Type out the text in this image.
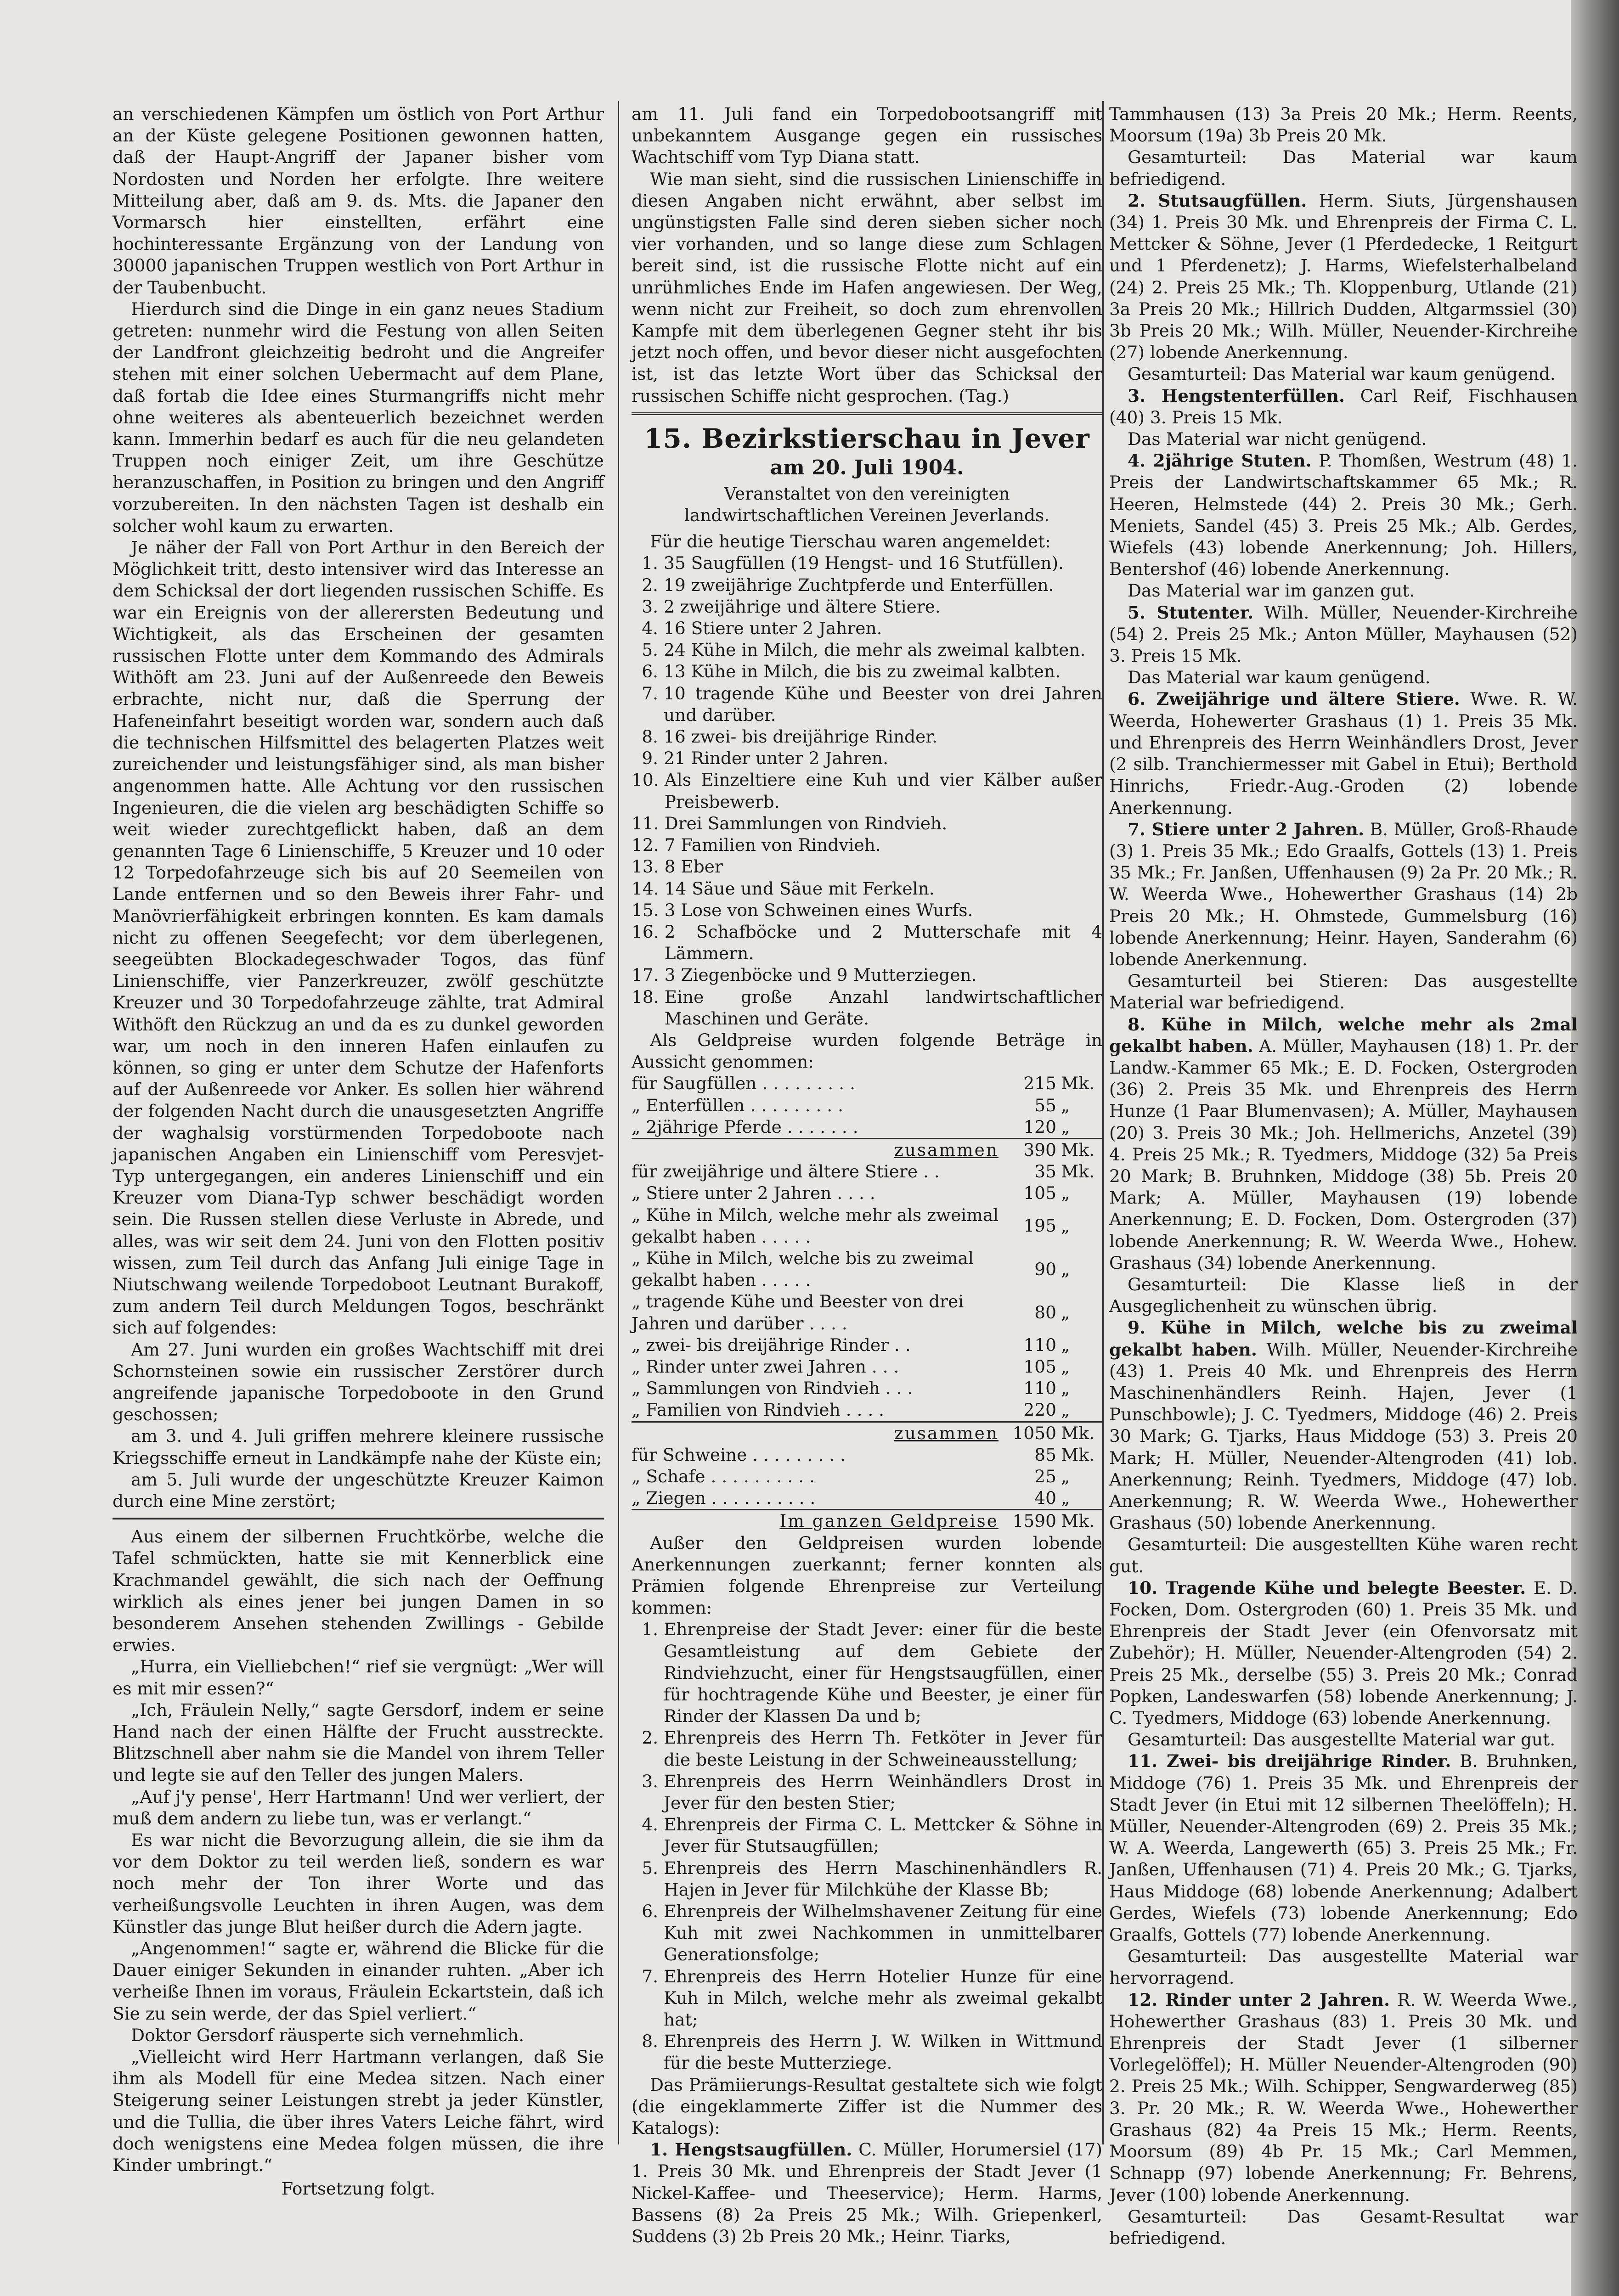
an verschiedenen Kämpfen um östlich von Port Arthur an der Küste gelegene Positionen gewonnen hatten, daß der Haupt-Angriff der Japaner bisher vom Nordosten und Norden her erfolgte. Ihre weitere Mitteilung aber, daß am 9. ds. Mts. die Japaner den Vormarsch hier einstellten, erfährt eine hochinteressante Ergänzung von der Landung von 30000 japanischen Truppen westlich von Port Arthur in der Taubenbucht.

Hierdurch sind die Dinge in ein ganz neues Stadium getreten: nunmehr wird die Festung von allen Seiten der Landfront gleichzeitig bedroht und die Angreifer stehen mit einer solchen Uebermacht auf dem Plane, daß fortab die Idee eines Sturmangriffs nicht mehr ohne weiteres als abenteuerlich bezeichnet werden kann. Immerhin bedarf es auch für die neu gelandeten Truppen noch einiger Zeit, um ihre Geschütze heranzuschaffen, in Position zu bringen und den Angriff vorzubereiten. In den nächsten Tagen ist deshalb ein solcher wohl kaum zu erwarten.

Je näher der Fall von Port Arthur in den Bereich der Möglichkeit tritt, desto intensiver wird das Interesse an dem Schicksal der dort liegenden russischen Schiffe. Es war ein Ereignis von der allerersten Bedeutung und Wichtigkeit, als das Erscheinen der gesamten russischen Flotte unter dem Kommando des Admirals Withöft am 23. Juni auf der Außenreede den Beweis erbrachte, nicht nur, daß die Sperrung der Hafeneinfahrt beseitigt worden war, sondern auch daß die technischen Hilfsmittel des belagerten Platzes weit zureichender und leistungsfähiger sind, als man bisher angenommen hatte. Alle Achtung vor den russischen Ingenieuren, die die vielen arg beschädigten Schiffe so weit wieder zurechtgeflickt haben, daß an dem genannten Tage 6 Linienschiffe, 5 Kreuzer und 10 oder 12 Torpedofahrzeuge sich bis auf 20 Seemeilen von Lande entfernen und so den Beweis ihrer Fahr- und Manövrierfähigkeit erbringen konnten. Es kam damals nicht zu offenen Seegefecht; vor dem überlegenen, seegeübten Blockadegeschwader Togos, das fünf Linienschiffe, vier Panzerkreuzer, zwölf geschützte Kreuzer und 30 Torpedofahrzeuge zählte, trat Admiral Withöft den Rückzug an und da es zu dunkel geworden war, um noch in den inneren Hafen einlaufen zu können, so ging er unter dem Schutze der Hafenforts auf der Außenreede vor Anker. Es sollen hier während der folgenden Nacht durch die unausgesetzten Angriffe der waghalsig vorstürmenden Torpedoboote nach japanischen Angaben ein Linienschiff vom Peresvjet-Typ untergegangen, ein anderes Linienschiff und ein Kreuzer vom Diana-Typ schwer beschädigt worden sein. Die Russen stellen diese Verluste in Abrede, und alles, was wir seit dem 24. Juni von den Flotten positiv wissen, zum Teil durch das Anfang Juli einige Tage in Niutschwang weilende Torpedoboot Leutnant Burakoff, zum andern Teil durch Meldungen Togos, beschränkt sich auf folgendes:

Am 27. Juni wurden ein großes Wachtschiff mit drei Schornsteinen sowie ein russischer Zerstörer durch angreifende japanische Torpedoboote in den Grund geschossen;

am 3. und 4. Juli griffen mehrere kleinere russische Kriegsschiffe erneut in Landkämpfe nahe der Küste ein;

am 5. Juli wurde der ungeschützte Kreuzer Kaimon durch eine Mine zerstört;

Aus einem der silbernen Fruchtkörbe, welche die Tafel schmückten, hatte sie mit Kennerblick eine Krachmandel gewählt, die sich nach der Oeffnung wirklich als eines jener bei jungen Damen in so besonderem Ansehen stehenden Zwillings - Gebilde erwies.

„Hurra, ein Vielliebchen!“ rief sie vergnügt: „Wer will es mit mir essen?“

„Ich, Fräulein Nelly,“ sagte Gersdorf, indem er seine Hand nach der einen Hälfte der Frucht ausstreckte. Blitzschnell aber nahm sie die Mandel von ihrem Teller und legte sie auf den Teller des jungen Malers.

„Auf j'y pense', Herr Hartmann! Und wer verliert, der muß dem andern zu liebe tun, was er verlangt.“

Es war nicht die Bevorzugung allein, die sie ihm da vor dem Doktor zu teil werden ließ, sondern es war noch mehr der Ton ihrer Worte und das verheißungsvolle Leuchten in ihren Augen, was dem Künstler das junge Blut heißer durch die Adern jagte.

„Angenommen!“ sagte er, während die Blicke für die Dauer einiger Sekunden in einander ruhten. „Aber ich verheiße Ihnen im voraus, Fräulein Eckartstein, daß ich Sie zu sein werde, der das Spiel verliert.“

Doktor Gersdorf räusperte sich vernehmlich.

„Vielleicht wird Herr Hartmann verlangen, daß Sie ihm als Modell für eine Medea sitzen. Nach einer Steigerung seiner Leistungen strebt ja jeder Künstler, und die Tullia, die über ihres Vaters Leiche fährt, wird doch wenigstens eine Medea folgen müssen, die ihre Kinder umbringt.“

Fortsetzung folgt.

am 11. Juli fand ein Torpedobootsangriff mit unbekanntem Ausgange gegen ein russisches Wachtschiff vom Typ Diana statt.

Wie man sieht, sind die russischen Linienschiffe in diesen Angaben nicht erwähnt, aber selbst im ungünstigsten Falle sind deren sieben sicher noch vier vorhanden, und so lange diese zum Schlagen bereit sind, ist die russische Flotte nicht auf ein unrühmliches Ende im Hafen angewiesen. Der Weg, wenn nicht zur Freiheit, so doch zum ehrenvollen Kampfe mit dem überlegenen Gegner steht ihr bis jetzt noch offen, und bevor dieser nicht ausgefochten ist, ist das letzte Wort über das Schicksal der russischen Schiffe nicht gesprochen. (Tag.)

15. Bezirkstierschau in Jever
am 20. Juli 1904.

Veranstaltet von den vereinigten landwirtschaftlichen Vereinen Jeverlands.

Für die heutige Tierschau waren angemeldet:

1. 35 Saugfüllen (19 Hengst- und 16 Stutfüllen).
2. 19 zweijährige Zuchtpferde und Enterfüllen.
3. 2 zweijährige und ältere Stiere.
4. 16 Stiere unter 2 Jahren.
5. 24 Kühe in Milch, die mehr als zweimal kalbten.
6. 13 Kühe in Milch, die bis zu zweimal kalbten.
7. 10 tragende Kühe und Beester von drei Jahren und darüber.
8. 16 zwei- bis dreijährige Rinder.
9. 21 Rinder unter 2 Jahren.
10. Als Einzeltiere eine Kuh und vier Kälber außer Preisbewerb.
11. Drei Sammlungen von Rindvieh.
12. 7 Familien von Rindvieh.
13. 8 Eber
14. 14 Säue und Säue mit Ferkeln.
15. 3 Lose von Schweinen eines Wurfs.
16. 2 Schafböcke und 2 Mutterschafe mit 4 Lämmern.
17. 3 Ziegenböcke und 9 Mutterziegen.
18. Eine große Anzahl landwirtschaftlicher Maschinen und Geräte.

Als Geldpreise wurden folgende Beträge in Aussicht genommen:

für Saugfüllen . . . . . . . . .	215	Mk.
„ Enterfüllen . . . . . . . . .	55	„
„ 2jährige Pferde . . . . . . .	120	„
zusammen	390	Mk.
für zweijährige und ältere Stiere . .	35	Mk.
„ Stiere unter 2 Jahren . . . .	105	„
„ Kühe in Milch, welche mehr als zweimal gekalbt haben . . . . .	195	„
„ Kühe in Milch, welche bis zu zweimal gekalbt haben . . . . .	90	„
„ tragende Kühe und Beester von drei Jahren und darüber . . . .	80	„
„ zwei- bis dreijährige Rinder . .	110	„
„ Rinder unter zwei Jahren . . .	105	„
„ Sammlungen von Rindvieh . . .	110	„
„ Familien von Rindvieh . . . .	220	„
zusammen	1050	Mk.
für Schweine . . . . . . . . .	85	Mk.
„ Schafe . . . . . . . . . .	25	„
„ Ziegen . . . . . . . . . .	40	„
Im ganzen Geldpreise	1590	Mk.

Außer den Geldpreisen wurden lobende Anerkennungen zuerkannt; ferner konnten als Prämien folgende Ehrenpreise zur Verteilung kommen:

1. Ehrenpreise der Stadt Jever: einer für die beste Gesamtleistung auf dem Gebiete der Rindviehzucht, einer für Hengstsaugfüllen, einer für hochtragende Kühe und Beester, je einer für Rinder der Klassen Da und b;
2. Ehrenpreis des Herrn Th. Fetköter in Jever für die beste Leistung in der Schweineausstellung;
3. Ehrenpreis des Herrn Weinhändlers Drost in Jever für den besten Stier;
4. Ehrenpreis der Firma C. L. Mettcker & Söhne in Jever für Stutsaugfüllen;
5. Ehrenpreis des Herrn Maschinenhändlers R. Hajen in Jever für Milchkühe der Klasse Bb;
6. Ehrenpreis der Wilhelmshavener Zeitung für eine Kuh mit zwei Nachkommen in unmittelbarer Generationsfolge;
7. Ehrenpreis des Herrn Hotelier Hunze für eine Kuh in Milch, welche mehr als zweimal gekalbt hat;
8. Ehrenpreis des Herrn J. W. Wilken in Wittmund für die beste Mutterziege.

Das Prämiierungs-Resultat gestaltete sich wie folgt (die eingeklammerte Ziffer ist die Nummer des Katalogs):

1. Hengstsaugfüllen. C. Müller, Horumersiel (17) 1. Preis 30 Mk. und Ehrenpreis der Stadt Jever (1 Nickel-Kaffee- und Theeservice); Herm. Harms, Bassens (8) 2a Preis 25 Mk.; Wilh. Griepenkerl, Suddens (3) 2b Preis 20 Mk.; Heinr. Tiarks,

Tammhausen (13) 3a Preis 20 Mk.; Herm. Reents, Moorsum (19a) 3b Preis 20 Mk.

Gesamturteil: Das Material war kaum befriedigend.

2. Stutsaugfüllen. Herm. Siuts, Jürgenshausen (34) 1. Preis 30 Mk. und Ehrenpreis der Firma C. L. Mettcker & Söhne, Jever (1 Pferdedecke, 1 Reitgurt und 1 Pferdenetz); J. Harms, Wiefelsterhalbeland (24) 2. Preis 25 Mk.; Th. Kloppenburg, Utlande (21) 3a Preis 20 Mk.; Hillrich Dudden, Altgarmssiel (30) 3b Preis 20 Mk.; Wilh. Müller, Neuender-Kirchreihe (27) lobende Anerkennung.

Gesamturteil: Das Material war kaum genügend.

3. Hengstenterfüllen. Carl Reif, Fischhausen (40) 3. Preis 15 Mk.

Das Material war nicht genügend.

4. 2jährige Stuten. P. Thomßen, Westrum (48) 1. Preis der Landwirtschaftskammer 65 Mk.; R. Heeren, Helmstede (44) 2. Preis 30 Mk.; Gerh. Meniets, Sandel (45) 3. Preis 25 Mk.; Alb. Gerdes, Wiefels (43) lobende Anerkennung; Joh. Hillers, Bentershof (46) lobende Anerkennung.

Das Material war im ganzen gut.

5. Stutenter. Wilh. Müller, Neuender-Kirchreihe (54) 2. Preis 25 Mk.; Anton Müller, Mayhausen (52) 3. Preis 15 Mk.

Das Material war kaum genügend.

6. Zweijährige und ältere Stiere. Wwe. R. W. Weerda, Hohewerter Grashaus (1) 1. Preis 35 Mk. und Ehrenpreis des Herrn Weinhändlers Drost, Jever (2 silb. Tranchiermesser mit Gabel in Etui); Berthold Hinrichs, Friedr.-Aug.-Groden (2) lobende Anerkennung.

7. Stiere unter 2 Jahren. B. Müller, Groß-Rhaude (3) 1. Preis 35 Mk.; Edo Graalfs, Gottels (13) 1. Preis 35 Mk.; Fr. Janßen, Uffenhausen (9) 2a Pr. 20 Mk.; R. W. Weerda Wwe., Hohewerther Grashaus (14) 2b Preis 20 Mk.; H. Ohmstede, Gummelsburg (16) lobende Anerkennung; Heinr. Hayen, Sanderahm (6) lobende Anerkennung.

Gesamturteil bei Stieren: Das ausgestellte Material war befriedigend.

8. Kühe in Milch, welche mehr als 2mal gekalbt haben. A. Müller, Mayhausen (18) 1. Pr. der Landw.-Kammer 65 Mk.; E. D. Focken, Ostergroden (36) 2. Preis 35 Mk. und Ehrenpreis des Herrn Hunze (1 Paar Blumenvasen); A. Müller, Mayhausen (20) 3. Preis 30 Mk.; Joh. Hellmerichs, Anzetel (39) 4. Preis 25 Mk.; R. Tyedmers, Middoge (32) 5a Preis 20 Mark; B. Bruhnken, Middoge (38) 5b. Preis 20 Mark; A. Müller, Mayhausen (19) lobende Anerkennung; E. D. Focken, Dom. Ostergroden (37) lobende Anerkennung; R. W. Weerda Wwe., Hohew. Grashaus (34) lobende Anerkennung.

Gesamturteil: Die Klasse ließ in der Ausgeglichenheit zu wünschen übrig.

9. Kühe in Milch, welche bis zu zweimal gekalbt haben. Wilh. Müller, Neuender-Kirchreihe (43) 1. Preis 40 Mk. und Ehrenpreis des Herrn Maschinenhändlers Reinh. Hajen, Jever (1 Punschbowle); J. C. Tyedmers, Middoge (46) 2. Preis 30 Mark; G. Tjarks, Haus Middoge (53) 3. Preis 20 Mark; H. Müller, Neuender-Altengroden (41) lob. Anerkennung; Reinh. Tyedmers, Middoge (47) lob. Anerkennung; R. W. Weerda Wwe., Hohewerther Grashaus (50) lobende Anerkennung.

Gesamturteil: Die ausgestellten Kühe waren recht gut.

10. Tragende Kühe und belegte Beester. E. D. Focken, Dom. Ostergroden (60) 1. Preis 35 Mk. und Ehrenpreis der Stadt Jever (ein Ofenvorsatz mit Zubehör); H. Müller, Neuender-Altengroden (54) 2. Preis 25 Mk., derselbe (55) 3. Preis 20 Mk.; Conrad Popken, Landeswarfen (58) lobende Anerkennung; J. C. Tyedmers, Middoge (63) lobende Anerkennung.

Gesamturteil: Das ausgestellte Material war gut.

11. Zwei- bis dreijährige Rinder. B. Bruhnken, Middoge (76) 1. Preis 35 Mk. und Ehrenpreis der Stadt Jever (in Etui mit 12 silbernen Theelöffeln); H. Müller, Neuender-Altengroden (69) 2. Preis 35 Mk.; W. A. Weerda, Langewerth (65) 3. Preis 25 Mk.; Fr. Janßen, Uffenhausen (71) 4. Preis 20 Mk.; G. Tjarks, Haus Middoge (68) lobende Anerkennung; Adalbert Gerdes, Wiefels (73) lobende Anerkennung; Edo Graalfs, Gottels (77) lobende Anerkennung.

Gesamturteil: Das ausgestellte Material war hervorragend.

12. Rinder unter 2 Jahren. R. W. Weerda Wwe., Hohewerther Grashaus (83) 1. Preis 30 Mk. und Ehrenpreis der Stadt Jever (1 silberner Vorlegelöffel); H. Müller Neuender-Altengroden (90) 2. Preis 25 Mk.; Wilh. Schipper, Sengwarderweg (85) 3. Pr. 20 Mk.; R. W. Weerda Wwe., Hohewerther Grashaus (82) 4a Preis 15 Mk.; Herm. Reents, Moorsum (89) 4b Pr. 15 Mk.; Carl Memmen, Schnapp (97) lobende Anerkennung; Fr. Behrens, Jever (100) lobende Anerkennung.

Gesamturteil: Das Gesamt-Resultat war befriedigend.
